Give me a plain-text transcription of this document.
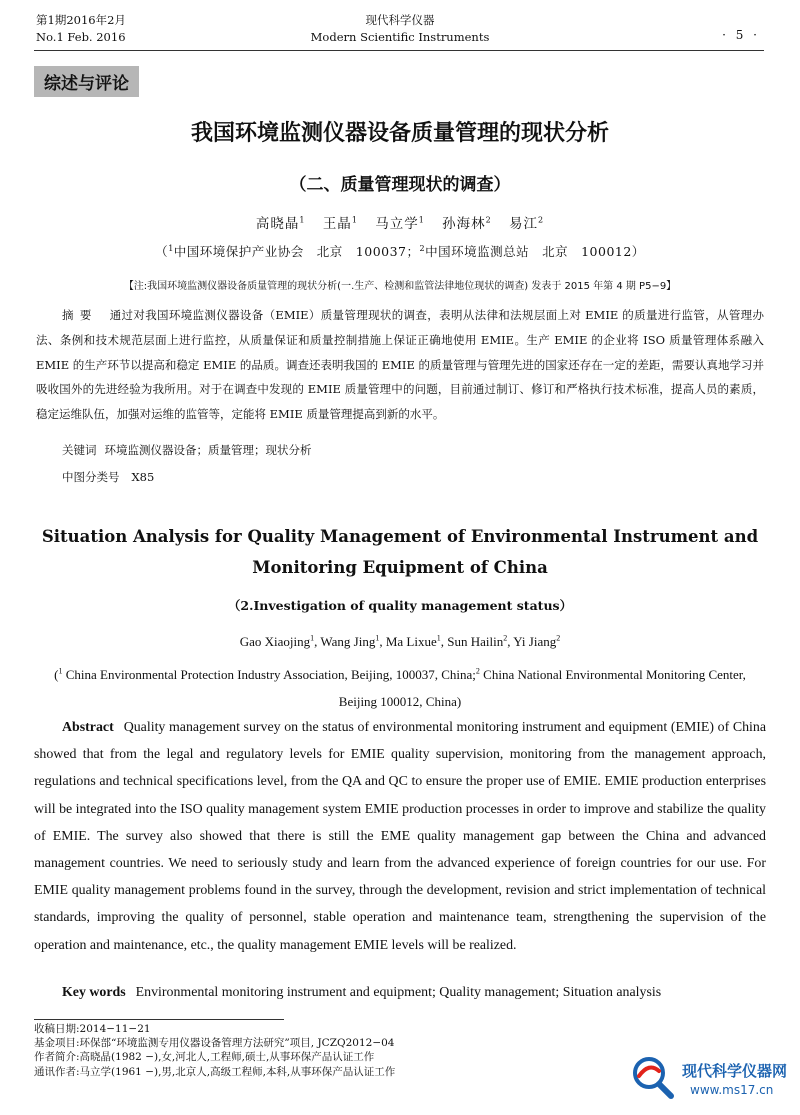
第1期2016年2月
No.1 Feb. 2016
现代科学仪器
Modern Scientific Instruments	· 5 ·
综述与评论
我国环境监测仪器设备质量管理的现状分析
（二、质量管理现状的调查）
高晓晶$^1$ 王晶$^1$ 马立学$^1$ 孙海林$^2$ 易江$^2$
（$^1$中国环境保护产业协会　北京　100037；$^2$中国环境监测总站　北京　100012）
【注:我国环境监测仪器设备质量管理的现状分析(一.生产、检测和监管法律地位现状的调查) 发表于 2015 年第 4 期 P5−9】
摘要 通过对我国环境监测仪器设备（EMIE）质量管理现状的调查，表明从法律和法规层面上对 EMIE 的质量进行监管，从管理办法、条例和技术规范层面上进行监控，从质量保证和质量控制措施上保证正确地使用 EMIE。生产 EMIE 的企业将 ISO 质量管理体系融入 EMIE 的生产环节以提高和稳定 EMIE 的品质。调查还表明我国的 EMIE 的质量管理与管理先进的国家还存在一定的差距，需要认真地学习并吸收国外的先进经验为我所用。对于在调查中发现的 EMIE 质量管理中的问题，目前通过制订、修订和严格执行技术标准，提高人员的素质，稳定运维队伍，加强对运维的监管等，定能将 EMIE 质量管理提高到新的水平。
关键词 环境监测仪器设备；质量管理；现状分析
中图分类号 X85
Situation Analysis for Quality Management of Environmental Instrument and Monitoring Equipment of China
（2.Investigation of quality management status）
Gao Xiaojing$^1$, Wang Jing$^1$, Ma Lixue$^1$, Sun Hailin$^2$, Yi Jiang$^2$
($^1$ China Environmental Protection Industry Association, Beijing, 100037, China;$^2$ China National Environmental Monitoring Center, Beijing 100012, China)
Abstract Quality management survey on the status of environmental monitoring instrument and equipment (EMIE) of China showed that from the legal and regulatory levels for EMIE quality supervision, monitoring from the management approach, regulations and technical specifications level, from the QA and QC to ensure the proper use of EMIE. EMIE production enterprises will be integrated into the ISO quality management system EMIE production processes in order to improve and stabilize the quality of EMIE. The survey also showed that there is still the EME quality management gap between the China and advanced management countries. We need to seriously study and learn from the advanced experience of foreign countries for our use. For EMIE quality management problems found in the survey, through the development, revision and strict implementation of technical standards, improving the quality of personnel, stable operation and maintenance team, strengthening the supervision of the operation and maintenance, etc., the quality management EMIE levels will be realized.
Key words Environmental monitoring instrument and equipment; Quality management; Situation analysis
收稿日期:2014−11−21
基金项目:环保部“环境监测专用仪器设备管理方法研究”项目, JCZQ2012−04
作者简介:高晓晶(1982 −),女,河北人,工程师,硕士,从事环保产品认证工作
通讯作者:马立学(1961 −),男,北京人,高级工程师,本科,从事环保产品认证工作	现代科学仪器网
www.ms17.cn
